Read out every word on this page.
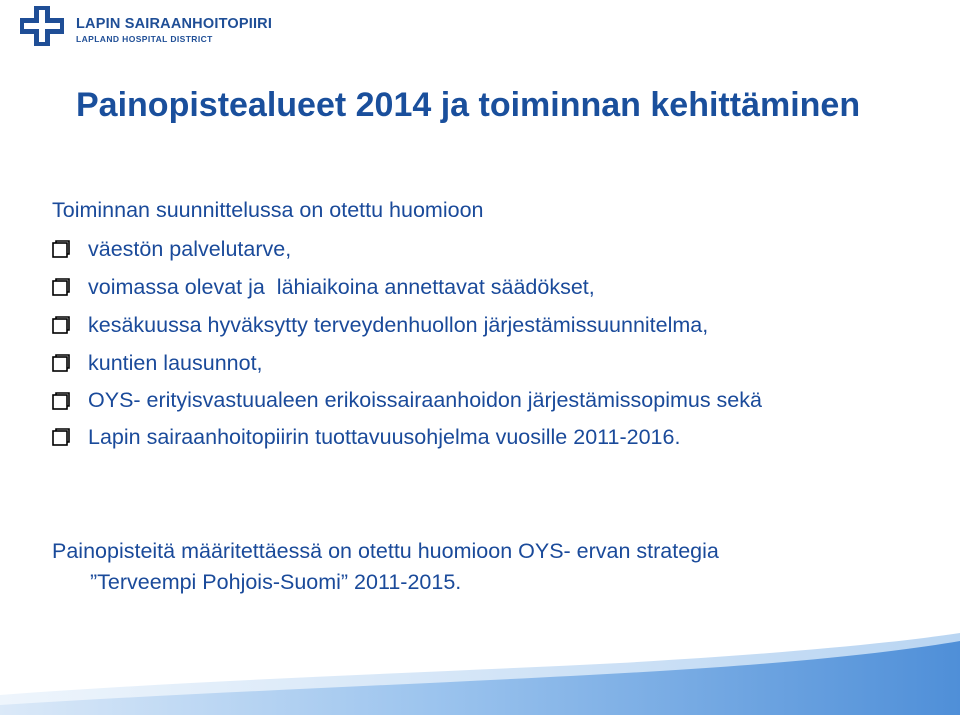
LAPIN SAIRAANHOITOPIIRI
LAPLAND HOSPITAL DISTRICT
Painopistealueet 2014 ja toiminnan kehittäminen
Toiminnan suunnittelussa on otettu huomioon
väestön palvelutarve,
voimassa olevat ja  lähiaikoina annettavat säädökset,
kesäkuussa hyväksytty terveydenhuollon järjestämissuunnitelma,
kuntien lausunnot,
OYS- erityisvastuualeen erikoissairaanhoidon järjestämissopimus sekä
Lapin sairaanhoitopiirin tuottavuusohjelma vuosille 2011-2016.
Painopisteitä määritettäessä on otettu huomioon OYS- ervan strategia
”Terveempi Pohjois-Suomi” 2011-2015.
